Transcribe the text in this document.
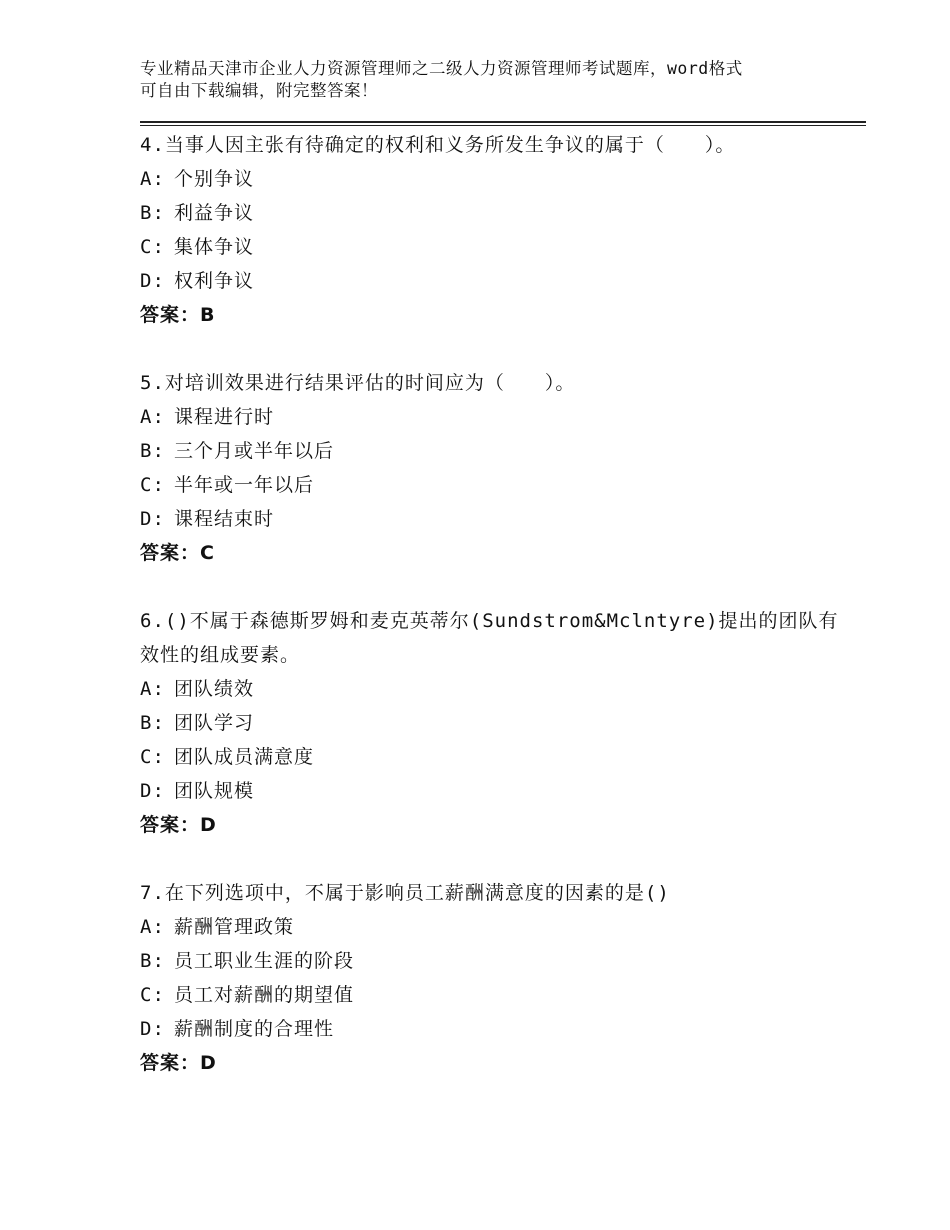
专业精品天津市企业人力资源管理师之二级人力资源管理师考试题库，word格式
可自由下载编辑，附完整答案！
4.当事人因主张有待确定的权利和义务所发生争议的属于（　　）。
A: 个别争议
B: 利益争议
C: 集体争议
D: 权利争议
答案：B
5.对培训效果进行结果评估的时间应为（　　）。
A: 课程进行时
B: 三个月或半年以后
C: 半年或一年以后
D: 课程结束时
答案：C
6.()不属于森德斯罗姆和麦克英蒂尔(Sundstrom&Mclntyre)提出的团队有效性的组成要素。
A: 团队绩效
B: 团队学习
C: 团队成员满意度
D: 团队规模
答案：D
7.在下列选项中，不属于影响员工薪酬满意度的因素的是()
A: 薪酬管理政策
B: 员工职业生涯的阶段
C: 员工对薪酬的期望值
D: 薪酬制度的合理性
答案：D
